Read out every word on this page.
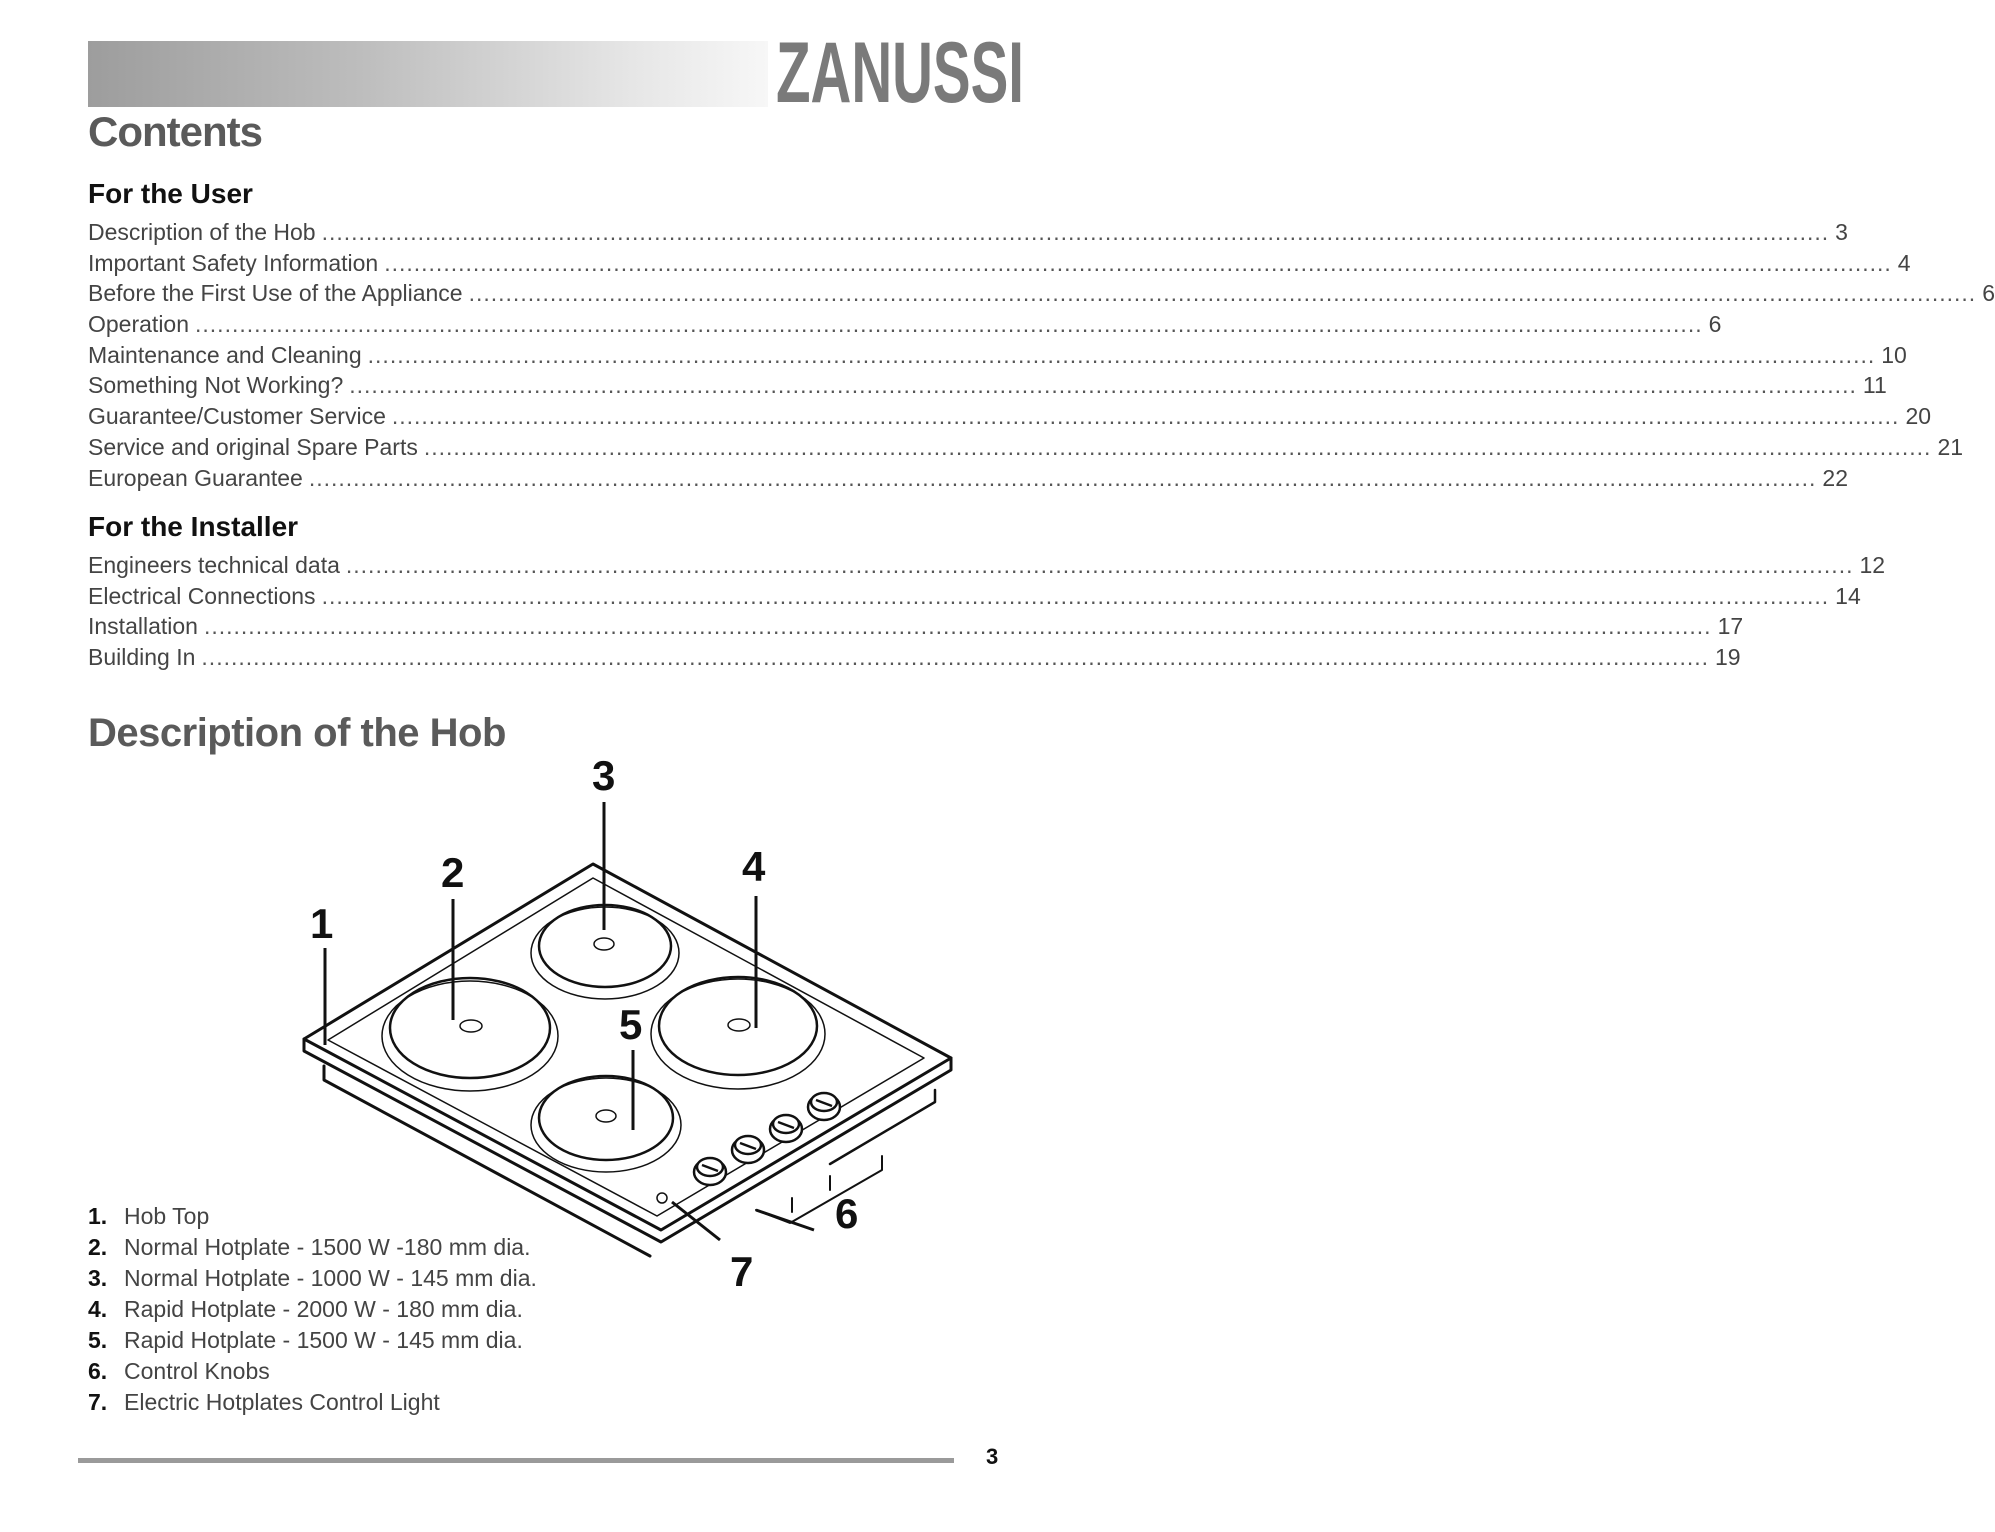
ZANUSSI
Contents
For the User
Description of the Hob .....	3
Important Safety Information .....	4
Before the First Use of the Appliance .....	6
Operation .....	6
Maintenance and Cleaning .....	10
Something Not Working? .....	11
Guarantee/Customer Service .....	20
Service and original Spare Parts .....	21
European Guarantee .....	22
For the Installer
Engineers technical data .....	12
Electrical Connections .....	14
Installation .....	17
Building In .....	19
Description of the Hob
1
2
3
4
5
6
7
1. Hob Top
2. Normal Hotplate - 1500 W -180 mm dia.
3. Normal Hotplate - 1000 W - 145 mm dia.
4. Rapid Hotplate - 2000 W - 180 mm dia.
5. Rapid Hotplate - 1500 W - 145 mm dia.
6. Control Knobs
7. Electric Hotplates Control Light
3
